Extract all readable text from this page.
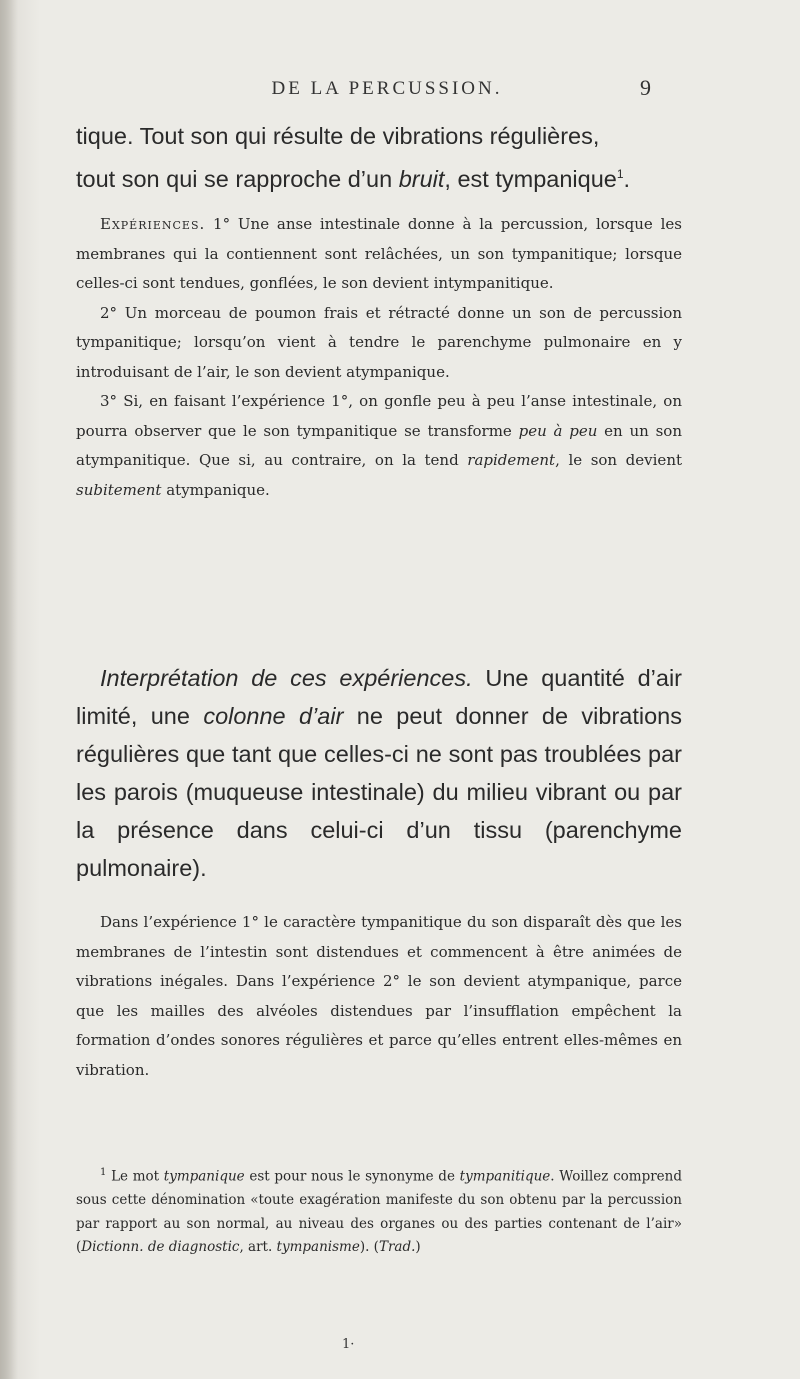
DE LA PERCUSSION.	9
tique. Tout son qui résulte de vibrations régulières,
tout son qui se rapproche d’un bruit, est tympanique$^1$.
Expériences. 1° Une anse intestinale donne à la percussion, lorsque les membranes qui la contiennent sont relâchées, un son tympanitique; lorsque celles-ci sont tendues, gonflées, le son devient intympanitique.
2° Un morceau de poumon frais et rétracté donne un son de percussion tympanitique; lorsqu’on vient à tendre le parenchyme pulmonaire en y introduisant de l’air, le son devient atympanique.
3° Si, en faisant l’expérience 1°, on gonfle peu à peu l’anse intestinale, on pourra observer que le son tympanitique se transforme peu à peu en un son atympanitique. Que si, au contraire, on la tend rapidement, le son devient subitement atympanique.
Interprétation de ces expériences. Une quantité d’air limité, une colonne d’air ne peut donner de vibrations régulières que tant que celles-ci ne sont pas troublées par les parois (muqueuse intestinale) du milieu vibrant ou par la présence dans celui-ci d’un tissu (parenchyme pulmonaire).
Dans l’expérience 1° le caractère tympanitique du son disparaît dès que les membranes de l’intestin sont distendues et commencent à être animées de vibrations inégales. Dans l’expérience 2° le son devient atympanique, parce que les mailles des alvéoles distendues par l’insufflation empêchent la formation d’ondes sonores régulières et parce qu’elles entrent elles-mêmes en vibration.
$^1$ Le mot tympanique est pour nous le synonyme de tympanitique. Woillez comprend sous cette dénomination «toute exagération manifeste du son obtenu par la percussion par rapport au son normal, au niveau des organes ou des parties contenant de l’air» (Dictionn. de diagnostic, art. tympanisme). (Trad.)
1·
